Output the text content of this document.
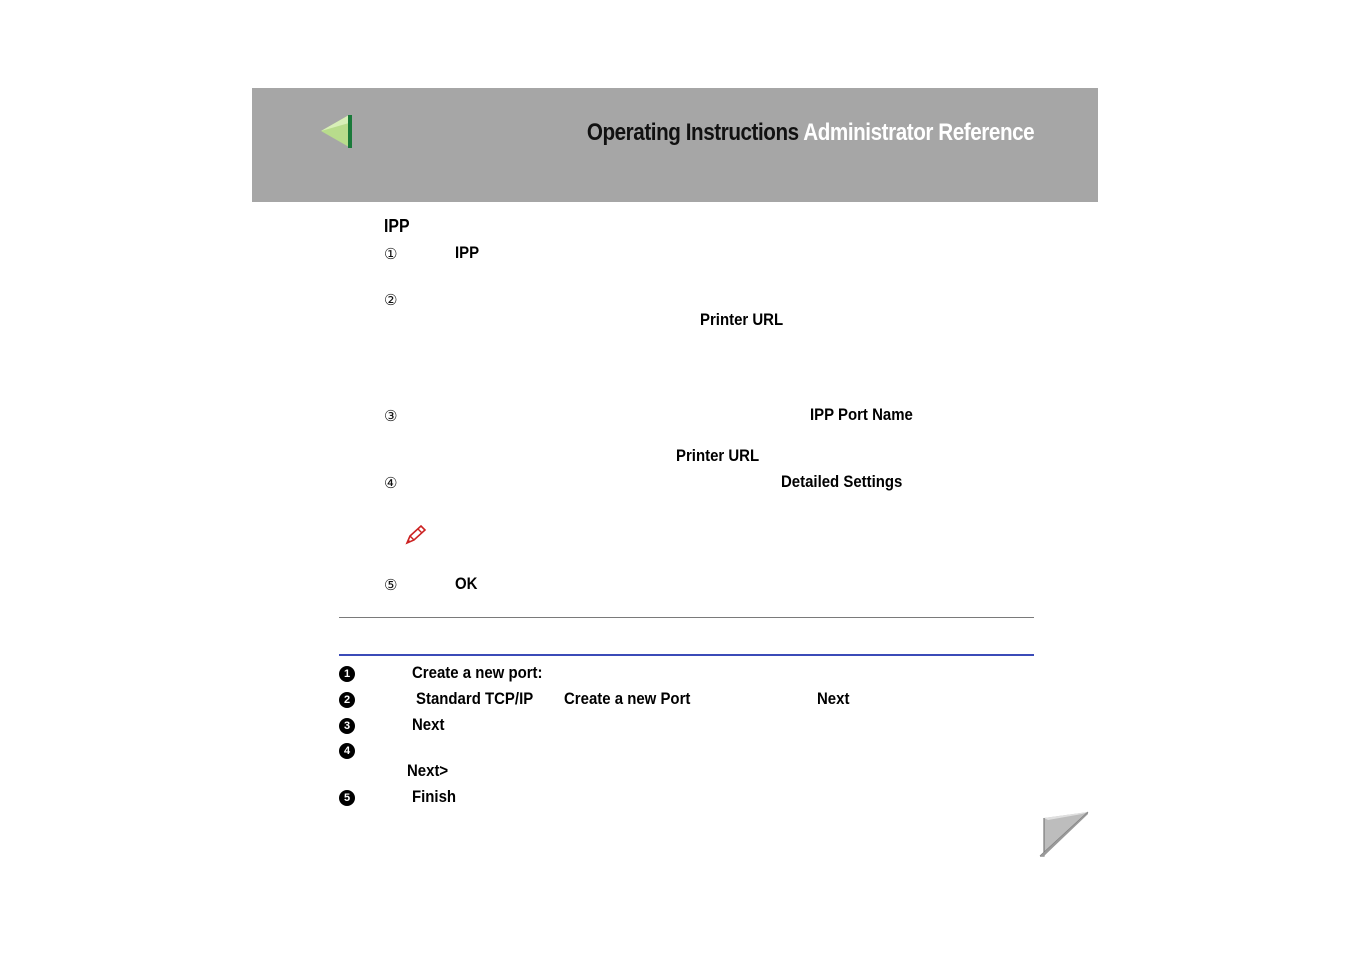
Operating Instructions Administrator Reference
IPP
①	IPP
②
Printer URL
③	IPP Port Name
Printer URL
④	Detailed Settings
⑤	OK
1	Create a new port:
2	Standard TCP/IP Create a new Port	Next
3	Next
4
Next>
5	Finish
